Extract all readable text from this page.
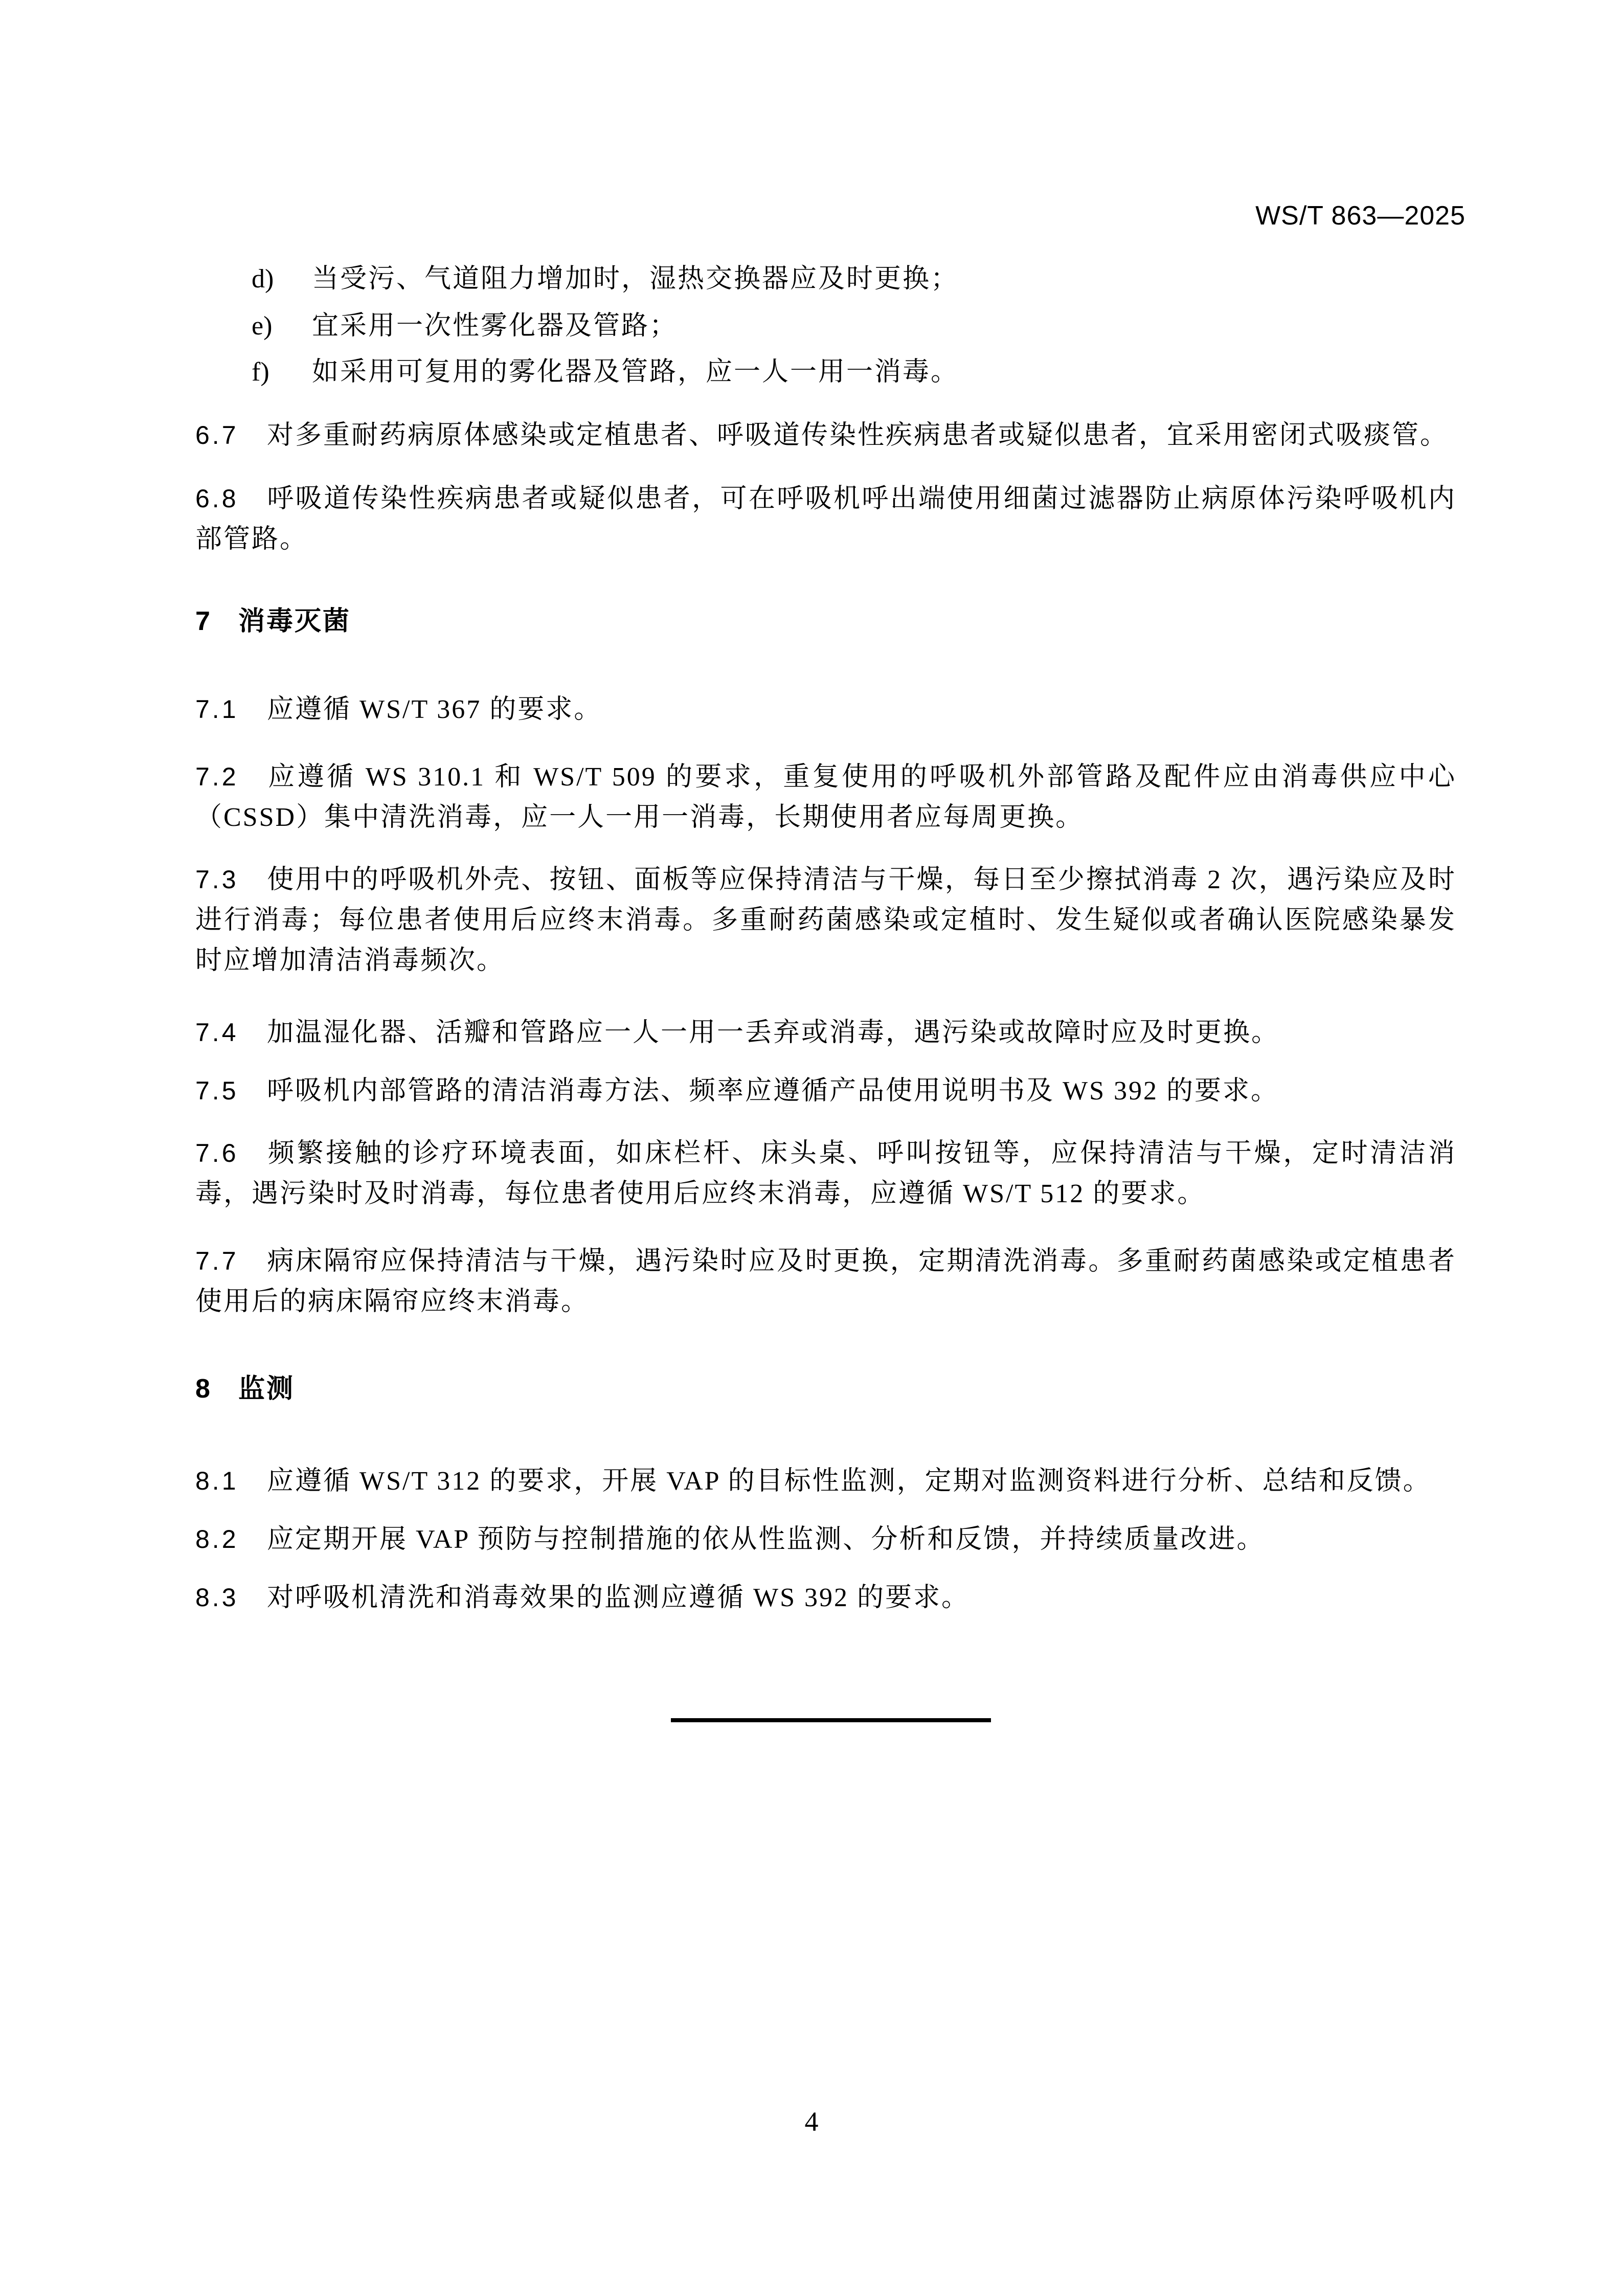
WS/T 863—2025

d) 当受污、气道阻力增加时，湿热交换器应及时更换；

e) 宜采用一次性雾化器及管路；

f) 如采用可复用的雾化器及管路，应一人一用一消毒。

6.7 对多重耐药病原体感染或定植患者、呼吸道传染性疾病患者或疑似患者，宜采用密闭式吸痰管。

6.8 呼吸道传染性疾病患者或疑似患者，可在呼吸机呼出端使用细菌过滤器防止病原体污染呼吸机内部管路。

7 消毒灭菌

7.1 应遵循 WS/T 367 的要求。

7.2 应遵循 WS 310.1 和 WS/T 509 的要求，重复使用的呼吸机外部管路及配件应由消毒供应中心（CSSD）集中清洗消毒，应一人一用一消毒，长期使用者应每周更换。

7.3 使用中的呼吸机外壳、按钮、面板等应保持清洁与干燥，每日至少擦拭消毒 2 次，遇污染应及时进行消毒；每位患者使用后应终末消毒。多重耐药菌感染或定植时、发生疑似或者确认医院感染暴发时应增加清洁消毒频次。

7.4 加温湿化器、活瓣和管路应一人一用一丢弃或消毒，遇污染或故障时应及时更换。

7.5 呼吸机内部管路的清洁消毒方法、频率应遵循产品使用说明书及 WS 392 的要求。

7.6 频繁接触的诊疗环境表面，如床栏杆、床头桌、呼叫按钮等，应保持清洁与干燥，定时清洁消毒，遇污染时及时消毒，每位患者使用后应终末消毒，应遵循 WS/T 512 的要求。

7.7 病床隔帘应保持清洁与干燥，遇污染时应及时更换，定期清洗消毒。多重耐药菌感染或定植患者使用后的病床隔帘应终末消毒。

8 监测

8.1 应遵循 WS/T 312 的要求，开展 VAP 的目标性监测，定期对监测资料进行分析、总结和反馈。

8.2 应定期开展 VAP 预防与控制措施的依从性监测、分析和反馈，并持续质量改进。

8.3 对呼吸机清洗和消毒效果的监测应遵循 WS 392 的要求。

4
